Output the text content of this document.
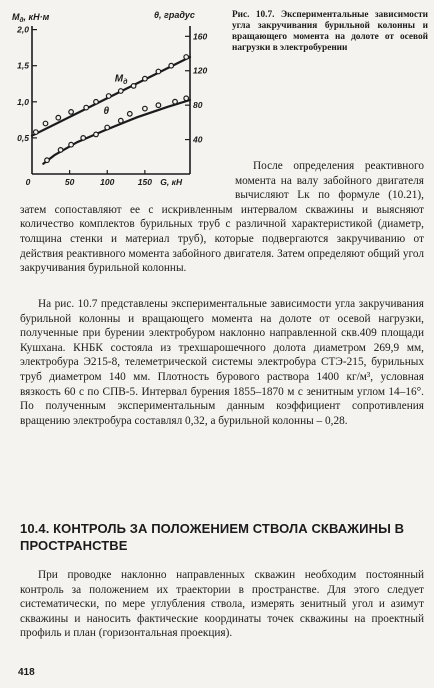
0,5
1,0
1,5
2,0
40
80
120
160
50	100	150
0
$M_д$, кН·м	θ, градус
G, кН
$M_д$
θ

Рис. 10.7. Экспериментальные зависимости угла закручивания бурильной колонны и вращающего момента на долоте от осевой нагрузки в электробурении

После определения реактивного момента на валу забойного двигателя вычисляют Lк по формуле (10.21), затем сопоставляют ее с искривленным интервалом скважины и выясняют количество комплектов бурильных труб с различной характеристикой (диаметр, толщина стенки и материал труб), которые подвергаются закручиванию от действия реактивного момента забойного двигателя. Затем определяют общий угол закручивания бурильной колонны.

На рис. 10.7 представлены экспериментальные зависимости угла закручивания бурильной колонны и вращающего момента на долоте от осевой нагрузки, полученные при бурении электробуром наклонно направленной скв.409 площади Кушхана. КНБК состояла из трехшарошечного долота диаметром 269,9 мм, электробура Э215-8, телеметрической системы электробура СТЭ-215, бурильных труб диаметром 140 мм. Плотность бурового раствора 1400 кг/м³, условная вязкость 60 с по СПВ-5. Интервал бурения 1855–1870 м с зенитным углом 14–16°. По полученным экспериментальным данным коэффициент сопротивления вращению электробура составлял 0,32, а бурильной колонны – 0,28.

10.4. КОНТРОЛЬ ЗА ПОЛОЖЕНИЕМ СТВОЛА СКВАЖИНЫ В ПРОСТРАНСТВЕ

При проводке наклонно направленных скважин необходим постоянный контроль за положением их траектории в пространстве. Для этого следует систематически, по мере углубления ствола, измерять зенитный угол и азимут скважины и наносить фактические координаты точек скважины на проектный профиль и план (горизонтальная проекция).

418
